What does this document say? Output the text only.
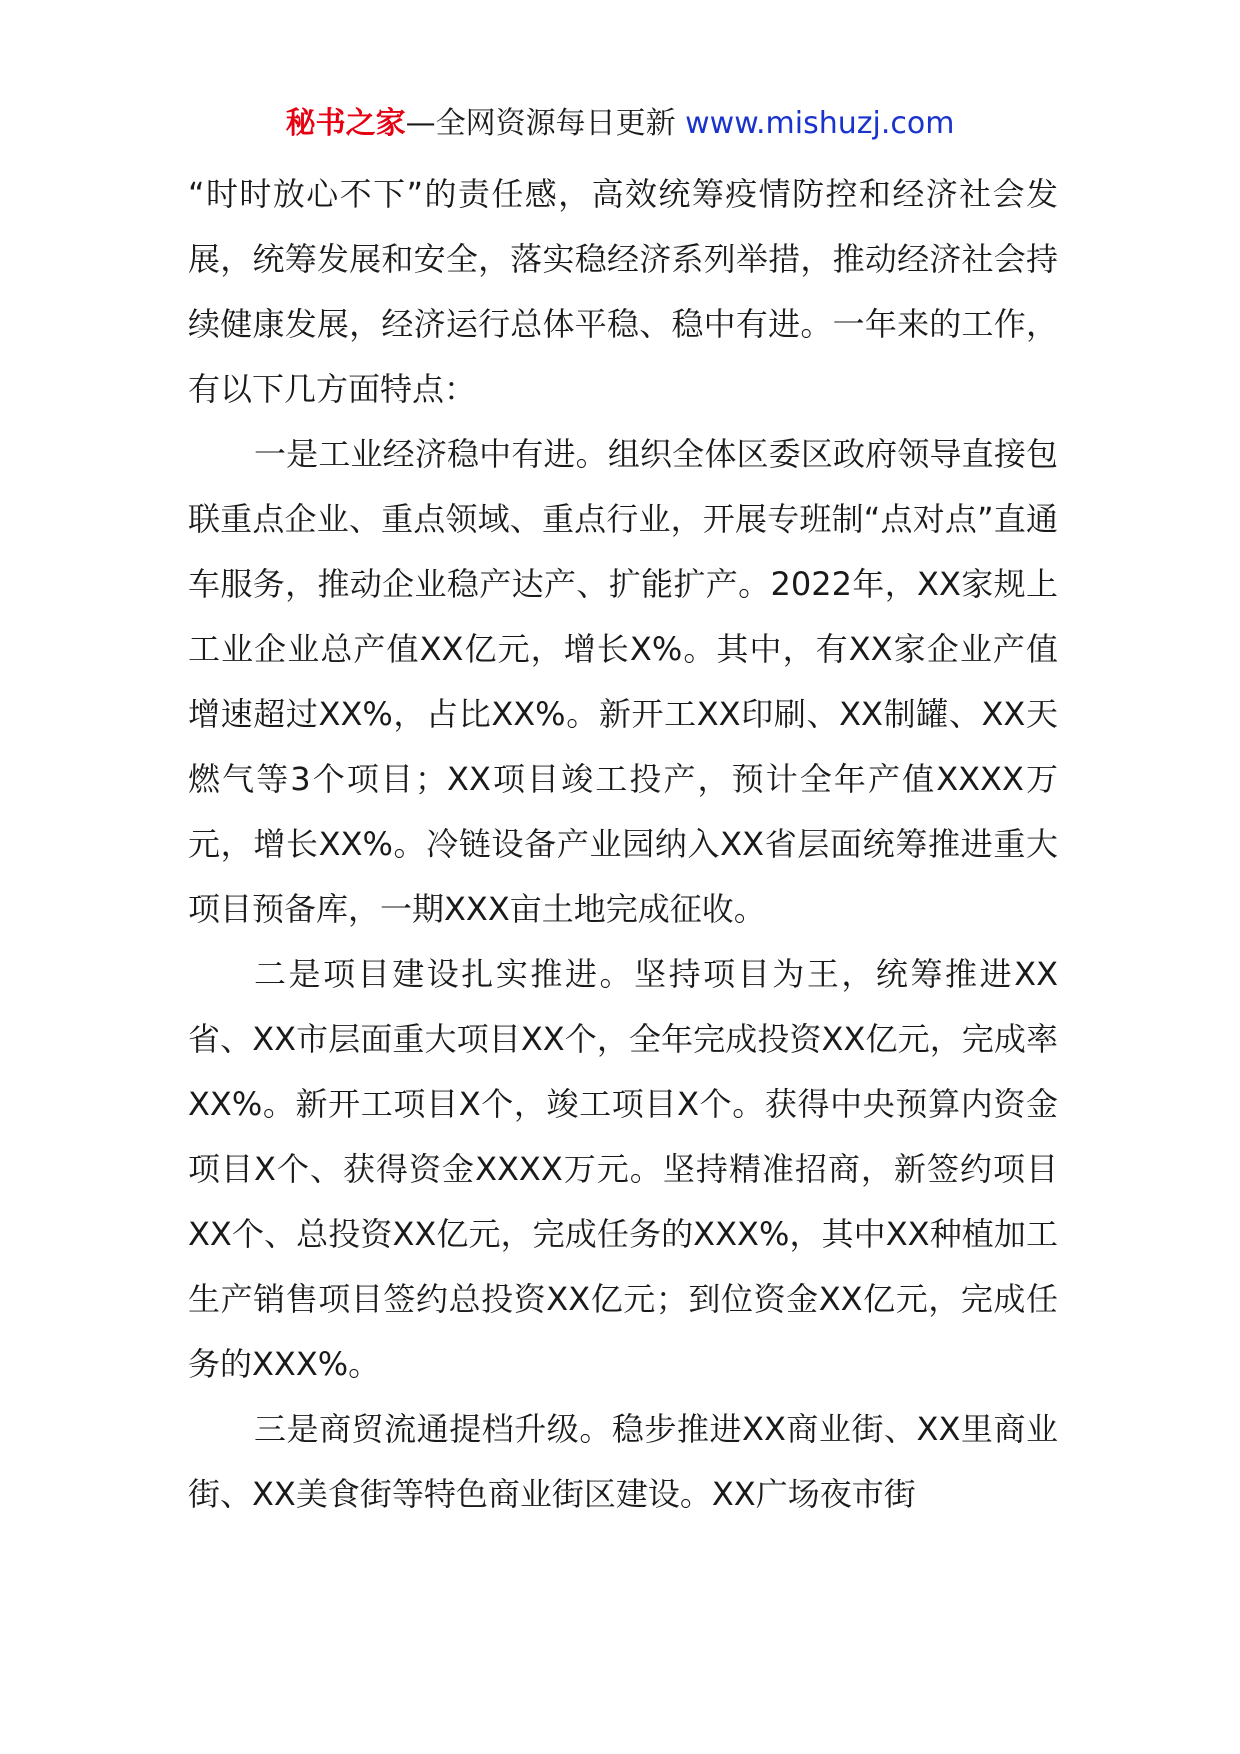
秘书之家—全网资源每日更新 www.mishuzj.com

“时时放心不下”的责任感，高效统筹疫情防控和经济社会发展，统筹发展和安全，落实稳经济系列举措，推动经济社会持续健康发展，经济运行总体平稳、稳中有进。一年来的工作，有以下几方面特点：

一是工业经济稳中有进。组织全体区委区政府领导直接包联重点企业、重点领域、重点行业，开展专班制“点对点”直通车服务，推动企业稳产达产、扩能扩产。2022年，XX家规上工业企业总产值XX亿元，增长X%。其中，有XX家企业产值增速超过XX%，占比XX%。新开工XX印刷、XX制罐、XX天燃气等3个项目；XX项目竣工投产，预计全年产值XXXX万元，增长XX%。冷链设备产业园纳入XX省层面统筹推进重大项目预备库，一期XXX亩土地完成征收。

二是项目建设扎实推进。坚持项目为王，统筹推进XX省、XX市层面重大项目XX个，全年完成投资XX亿元，完成率XX%。新开工项目X个，竣工项目X个。获得中央预算内资金项目X个、获得资金XXXX万元。坚持精准招商，新签约项目XX个、总投资XX亿元，完成任务的XXX%，其中XX种植加工生产销售项目签约总投资XX亿元；到位资金XX亿元，完成任务的XXX%。

三是商贸流通提档升级。稳步推进XX商业街、XX里商业街、XX美食街等特色商业街区建设。XX广场夜市街
